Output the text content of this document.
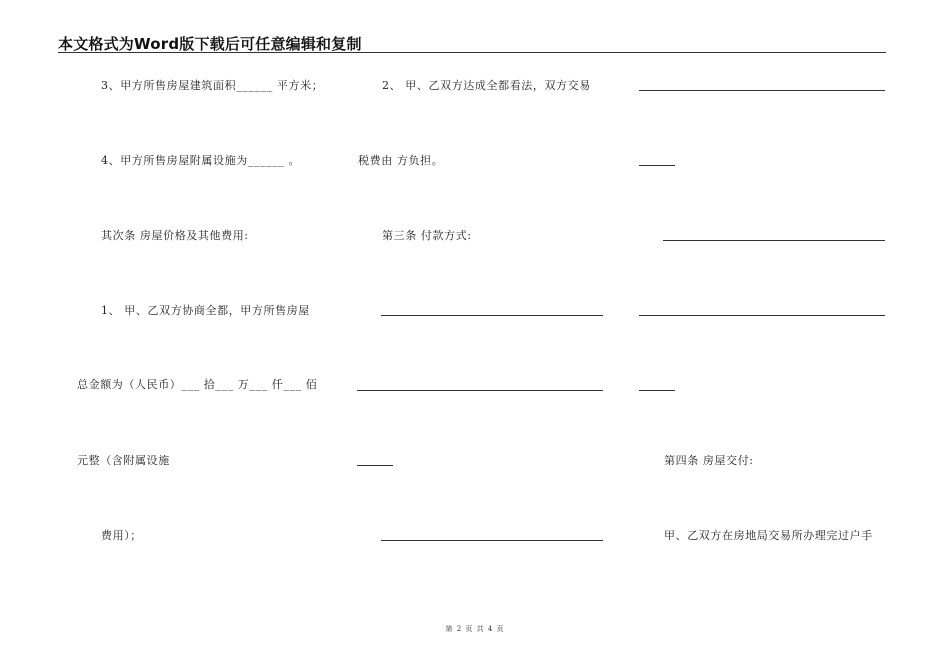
本文格式为Word版下载后可任意编辑和复制
3、甲方所售房屋建筑面积______ 平方米；
4、甲方所售房屋附属设施为______ 。
其次条 房屋价格及其他费用:
1、 甲、乙双方协商全都，甲方所售房屋
总金额为（人民币）___ 拾___ 万___ 仟___ 佰
元整（含附属设施
费用）；
2、 甲、乙双方达成全都看法，双方交易
税费由 方负担。
第三条 付款方式:
第四条 房屋交付:
甲、乙双方在房地局交易所办理完过户手
第 2 页 共 4 页
